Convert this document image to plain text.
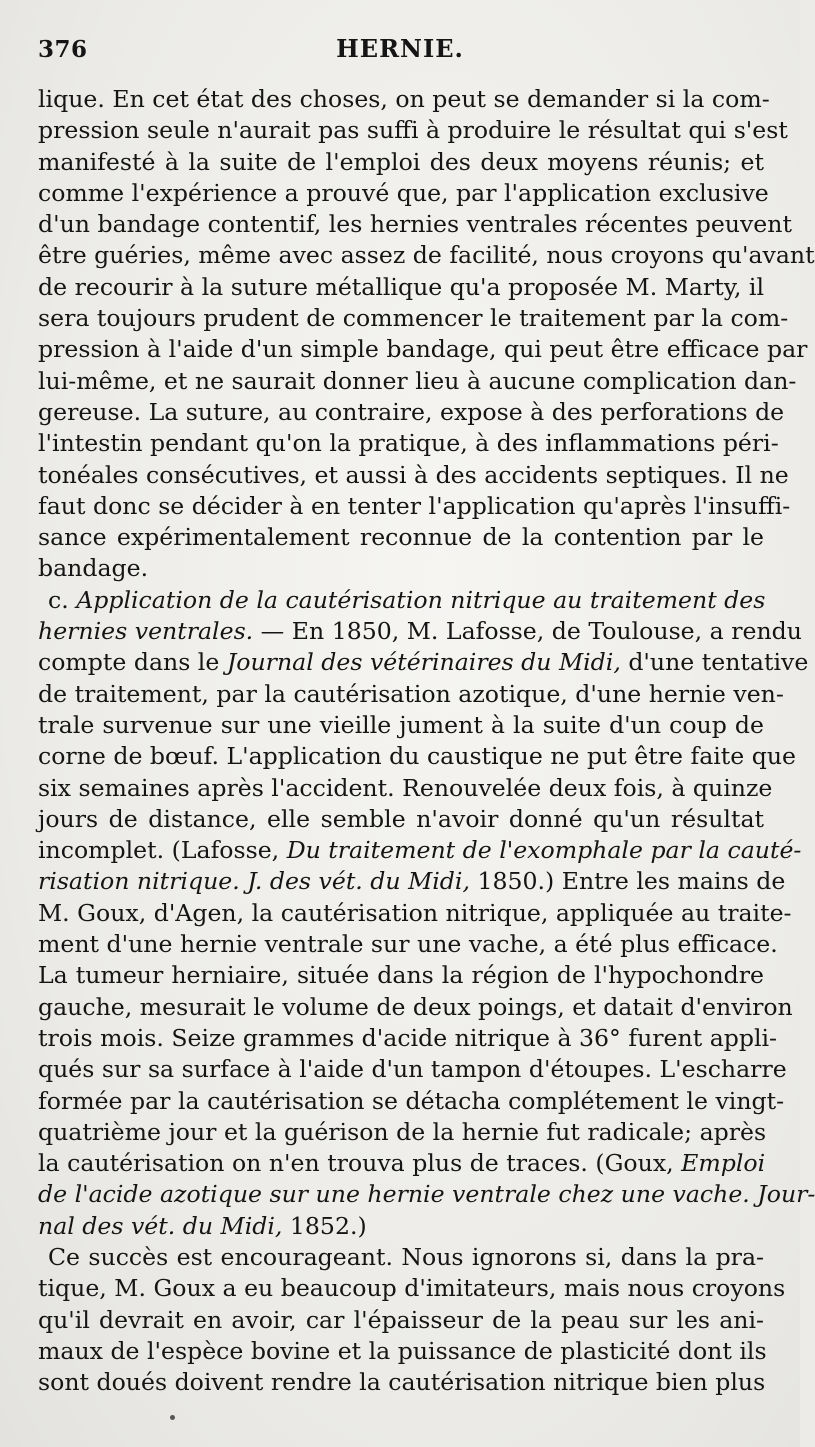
376	HERNIE.
lique. En cet état des choses, on peut se demander si la com-
pression seule n'aurait pas suffi à produire le résultat qui s'est
manifesté à la suite de l'emploi des deux moyens réunis; et
comme l'expérience a prouvé que, par l'application exclusive
d'un bandage contentif, les hernies ventrales récentes peuvent
être guéries, même avec assez de facilité, nous croyons qu'avant
de recourir à la suture métallique qu'a proposée M. Marty, il
sera toujours prudent de commencer le traitement par la com-
pression à l'aide d'un simple bandage, qui peut être efficace par
lui-même, et ne saurait donner lieu à aucune complication dan-
gereuse. La suture, au contraire, expose à des perforations de
l'intestin pendant qu'on la pratique, à des inflammations péri-
tonéales consécutives, et aussi à des accidents septiques. Il ne
faut donc se décider à en tenter l'application qu'après l'insuffi-
sance expérimentalement reconnue de la contention par le
bandage.
c. Application de la cautérisation nitrique au traitement des
hernies ventrales. — En 1850, M. Lafosse, de Toulouse, a rendu
compte dans le Journal des vétérinaires du Midi, d'une tentative
de traitement, par la cautérisation azotique, d'une hernie ven-
trale survenue sur une vieille jument à la suite d'un coup de
corne de bœuf. L'application du caustique ne put être faite que
six semaines après l'accident. Renouvelée deux fois, à quinze
jours de distance, elle semble n'avoir donné qu'un résultat
incomplet. (Lafosse, Du traitement de l'exomphale par la cauté-
risation nitrique. J. des vét. du Midi, 1850.) Entre les mains de
M. Goux, d'Agen, la cautérisation nitrique, appliquée au traite-
ment d'une hernie ventrale sur une vache, a été plus efficace.
La tumeur herniaire, située dans la région de l'hypochondre
gauche, mesurait le volume de deux poings, et datait d'environ
trois mois. Seize grammes d'acide nitrique à 36° furent appli-
qués sur sa surface à l'aide d'un tampon d'étoupes. L'escharre
formée par la cautérisation se détacha complétement le vingt-
quatrième jour et la guérison de la hernie fut radicale; après
la cautérisation on n'en trouva plus de traces. (Goux, Emploi
de l'acide azotique sur une hernie ventrale chez une vache. Jour-
nal des vét. du Midi, 1852.)
Ce succès est encourageant. Nous ignorons si, dans la pra-
tique, M. Goux a eu beaucoup d'imitateurs, mais nous croyons
qu'il devrait en avoir, car l'épaisseur de la peau sur les ani-
maux de l'espèce bovine et la puissance de plasticité dont ils
sont doués doivent rendre la cautérisation nitrique bien plus
